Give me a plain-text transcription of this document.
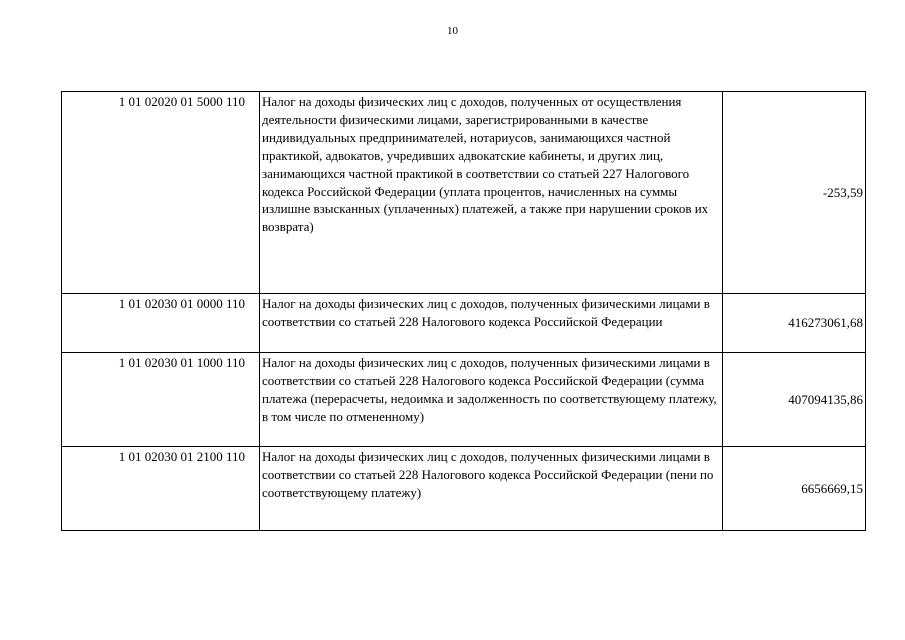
10
1 01 02020 01 5000 110	Налог на доходы физических лиц с доходов, полученных от осуществления деятельности физическими лицами, зарегистрированными в качестве индивидуальных предпринимателей, нотариусов, занимающихся частной практикой, адвокатов, учредивших адвокатские кабинеты, и других лиц, занимающихся частной практикой в соответствии со статьей 227 Налогового кодекса Российской Федерации (уплата процентов, начисленных на суммы излишне взысканных (уплаченных) платежей, а также при нарушении сроков их возврата)	-253,59
1 01 02030 01 0000 110	Налог на доходы физических лиц с доходов, полученных физическими лицами в соответствии со статьей 228 Налогового кодекса Российской Федерации	416273061,68
1 01 02030 01 1000 110	Налог на доходы физических лиц с доходов, полученных физическими лицами в соответствии со статьей 228 Налогового кодекса Российской Федерации (сумма платежа (перерасчеты, недоимка и задолженность по соответствующему платежу, в том числе по отмененному)	407094135,86
1 01 02030 01 2100 110	Налог на доходы физических лиц с доходов, полученных физическими лицами в соответствии со статьей 228 Налогового кодекса Российской Федерации (пени по соответствующему платежу)	6656669,15
